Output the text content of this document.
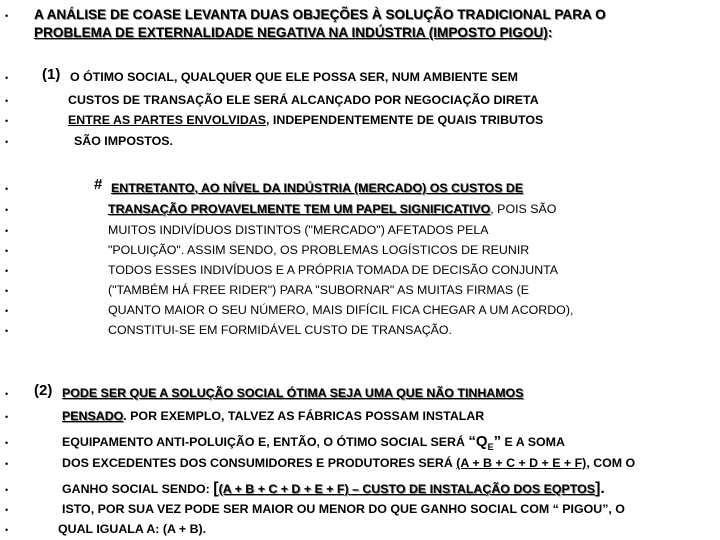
• A ANÁLISE DE COASE LEVANTA DUAS OBJEÇÕES À SOLUÇÃO TRADICIONAL PARA O
PROBLEMA DE EXTERNALIDADE NEGATIVA NA INDÚSTRIA (IMPOSTO PIGOU):
• (1) O ÓTIMO SOCIAL, QUALQUER QUE ELE POSSA SER, NUM AMBIENTE SEM
•	CUSTOS DE TRANSAÇÃO ELE SERÁ ALCANÇADO POR NEGOCIAÇÃO DIRETA
•	ENTRE AS PARTES ENVOLVIDAS, INDEPENDENTEMENTE DE QUAIS TRIBUTOS
•	SÃO IMPOSTOS.
•	# ENTRETANTO, AO NÍVEL DA INDÚSTRIA (MERCADO) OS CUSTOS DE
•	TRANSAÇÃO PROVAVELMENTE TEM UM PAPEL SIGNIFICATIVO, POIS SÃO
•	MUITOS INDIVÍDUOS DISTINTOS ("MERCADO") AFETADOS PELA
•	"POLUIÇÃO". ASSIM SENDO, OS PROBLEMAS LOGÍSTICOS DE REUNIR
•	TODOS ESSES INDIVÍDUOS E A PRÓPRIA TOMADA DE DECISÃO CONJUNTA
•	("TAMBÉM HÁ FREE RIDER") PARA "SUBORNAR" AS MUITAS FIRMAS (E
•	QUANTO MAIOR O SEU NÚMERO, MAIS DIFÍCIL FICA CHEGAR A UM ACORDO),
•	CONSTITUI-SE EM FORMIDÁVEL CUSTO DE TRANSAÇÃO.
• (2) PODE SER QUE A SOLUÇÃO SOCIAL ÓTIMA SEJA UMA QUE NÃO TINHAMOS
•	PENSADO. POR EXEMPLO, TALVEZ AS FÁBRICAS POSSAM INSTALAR
•	EQUIPAMENTO ANTI-POLUIÇÃO E, ENTÃO, O ÓTIMO SOCIAL SERÁ “$Q_E$” E A SOMA
•	DOS EXCEDENTES DOS CONSUMIDORES E PRODUTORES SERÁ (A + B + C + D + E + F), COM O
•	GANHO SOCIAL SENDO: [(A + B + C + D + E + F) – CUSTO DE INSTALAÇÃO DOS EQPTOS].
•	ISTO, POR SUA VEZ PODE SER MAIOR OU MENOR DO QUE GANHO SOCIAL COM “ PIGOU”, O
•	QUAL IGUALA A: (A + B).
